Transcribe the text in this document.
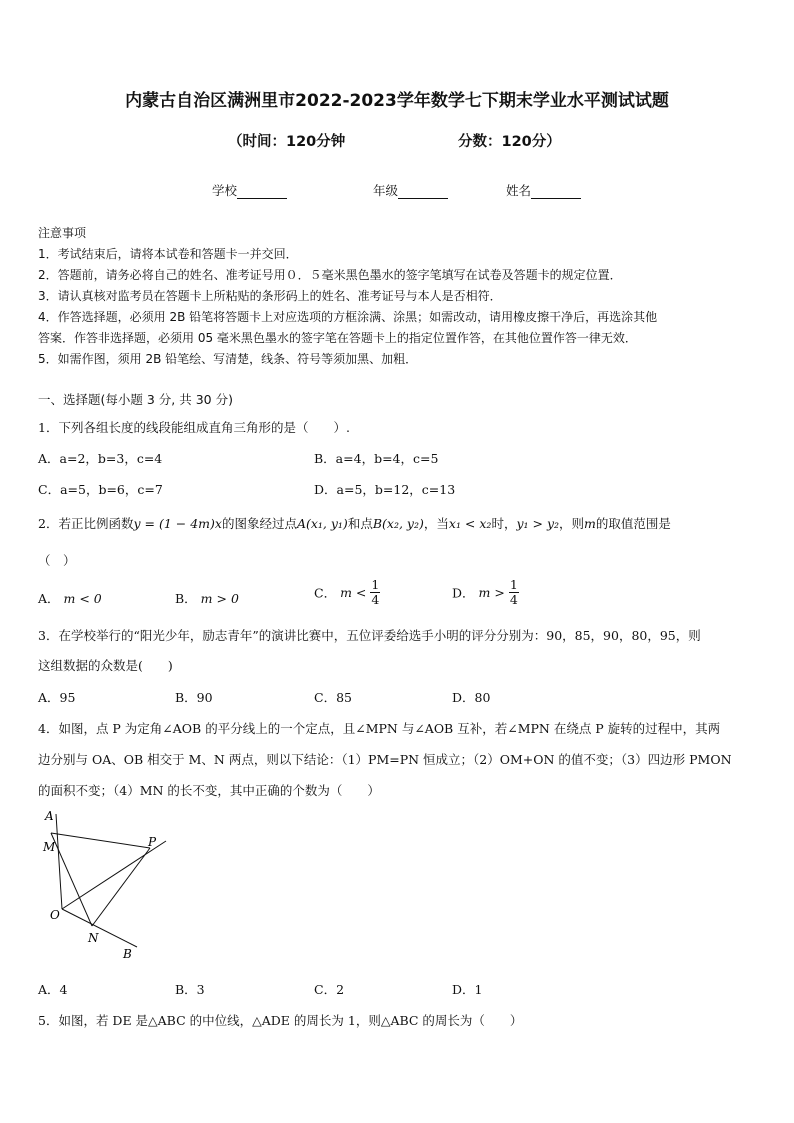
内蒙古自治区满洲里市2022-2023学年数学七下期末学业水平测试试题
（时间：120分钟	分数：120分）
学校	年级	姓名
注意事项
1．考试结束后，请将本试卷和答题卡一并交回．
2．答题前，请务必将自己的姓名、准考证号用０．５毫米黑色墨水的签字笔填写在试卷及答题卡的规定位置．
3．请认真核对监考员在答题卡上所粘贴的条形码上的姓名、准考证号与本人是否相符．
4．作答选择题，必须用 2B 铅笔将答题卡上对应选项的方框涂满、涂黑；如需改动，请用橡皮擦干净后，再选涂其他
答案．作答非选择题，必须用 05 毫米黑色墨水的签字笔在答题卡上的指定位置作答，在其他位置作答一律无效．
5．如需作图，须用 2B 铅笔绘、写清楚，线条、符号等须加黑、加粗．
一、选择题(每小题 3 分, 共 30 分)
1．下列各组长度的线段能组成直角三角形的是（　　）.
A．a=2，b=3，c=4	B．a=4，b=4，c=5
C．a=5，b=6，c=7	D．a=5，b=12，c=13
2．若正比例函数y = (1 − 4m)x的图象经过点A(x₁, y₁)和点B(x₂, y₂)，当x₁ < x₂时，y₁ > y₂，则m的取值范围是
（　）
A． m < 0	B． m > 0	C． $m < \frac{1}{4}$	D． $m > \frac{1}{4}$
3．在学校举行的“阳光少年，励志青年”的演讲比赛中，五位评委给选手小明的评分分别为：90，85，90，80，95，则
这组数据的众数是(　　)
A．95	B．90	C．85	D．80
4．如图，点 P 为定角∠AOB 的平分线上的一个定点，且∠MPN 与∠AOB 互补，若∠MPN 在绕点 P 旋转的过程中，其两
边分别与 OA、OB 相交于 M、N 两点，则以下结论：（1）PM=PN 恒成立；（2）OM+ON 的值不变；（3）四边形 PMON
的面积不变；（4）MN 的长不变，其中正确的个数为（　　）
A
M	P
O
N
B
A．4	B．3	C．2	D．1
5．如图，若 DE 是△ABC 的中位线，△ADE 的周长为 1，则△ABC 的周长为（　　）
